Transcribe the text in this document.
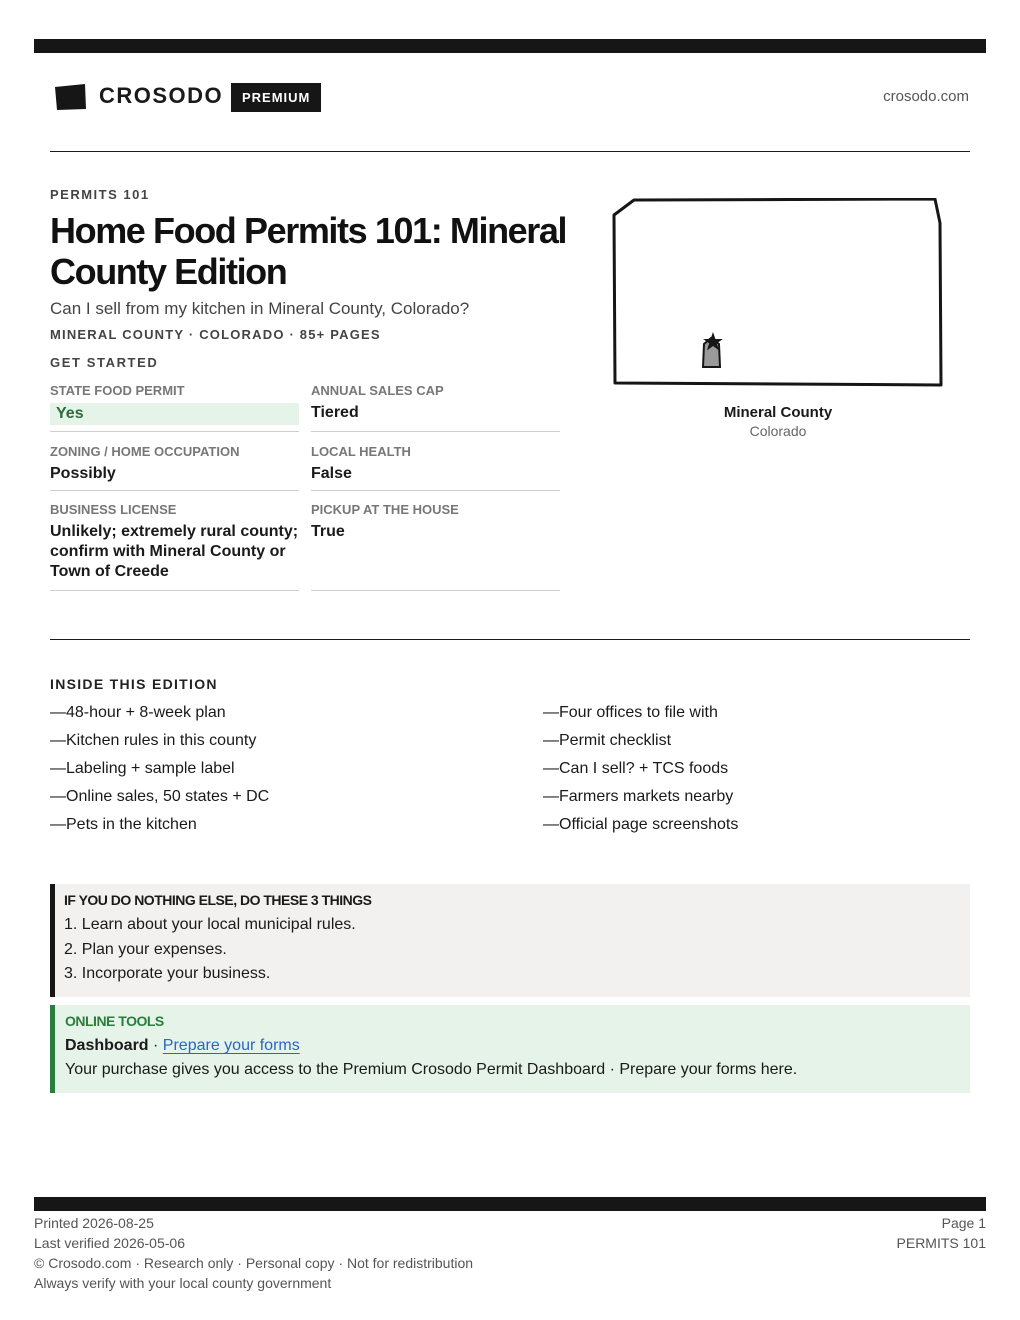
CROSODO	PREMIUM	crosodo.com
PERMITS 101
Home Food Permits 101: Mineral County Edition
Can I sell from my kitchen in Mineral County, Colorado?
MINERAL COUNTY · COLORADO · 85+ PAGES
GET STARTED
STATE FOOD PERMIT
Yes
ANNUAL SALES CAP
Tiered
ZONING / HOME OCCUPATION
Possibly
LOCAL HEALTH
False
BUSINESS LICENSE
Unlikely; extremely rural county; confirm with Mineral County or Town of Creede
PICKUP AT THE HOUSE
True
Mineral County
Colorado
INSIDE THIS EDITION
—48-hour + 8-week plan
—Kitchen rules in this county
—Labeling + sample label
—Online sales, 50 states + DC
—Pets in the kitchen
—Four offices to file with
—Permit checklist
—Can I sell? + TCS foods
—Farmers markets nearby
—Official page screenshots
IF YOU DO NOTHING ELSE, DO THESE 3 THINGS
1. Learn about your local municipal rules.
2. Plan your expenses.
3. Incorporate your business.
ONLINE TOOLS
Dashboard · Prepare your forms
Your purchase gives you access to the Premium Crosodo Permit Dashboard · Prepare your forms here.
Printed 2026-08-25
Last verified 2026-05-06
© Crosodo.com · Research only · Personal copy · Not for redistribution
Always verify with your local county government
Page 1
PERMITS 101
